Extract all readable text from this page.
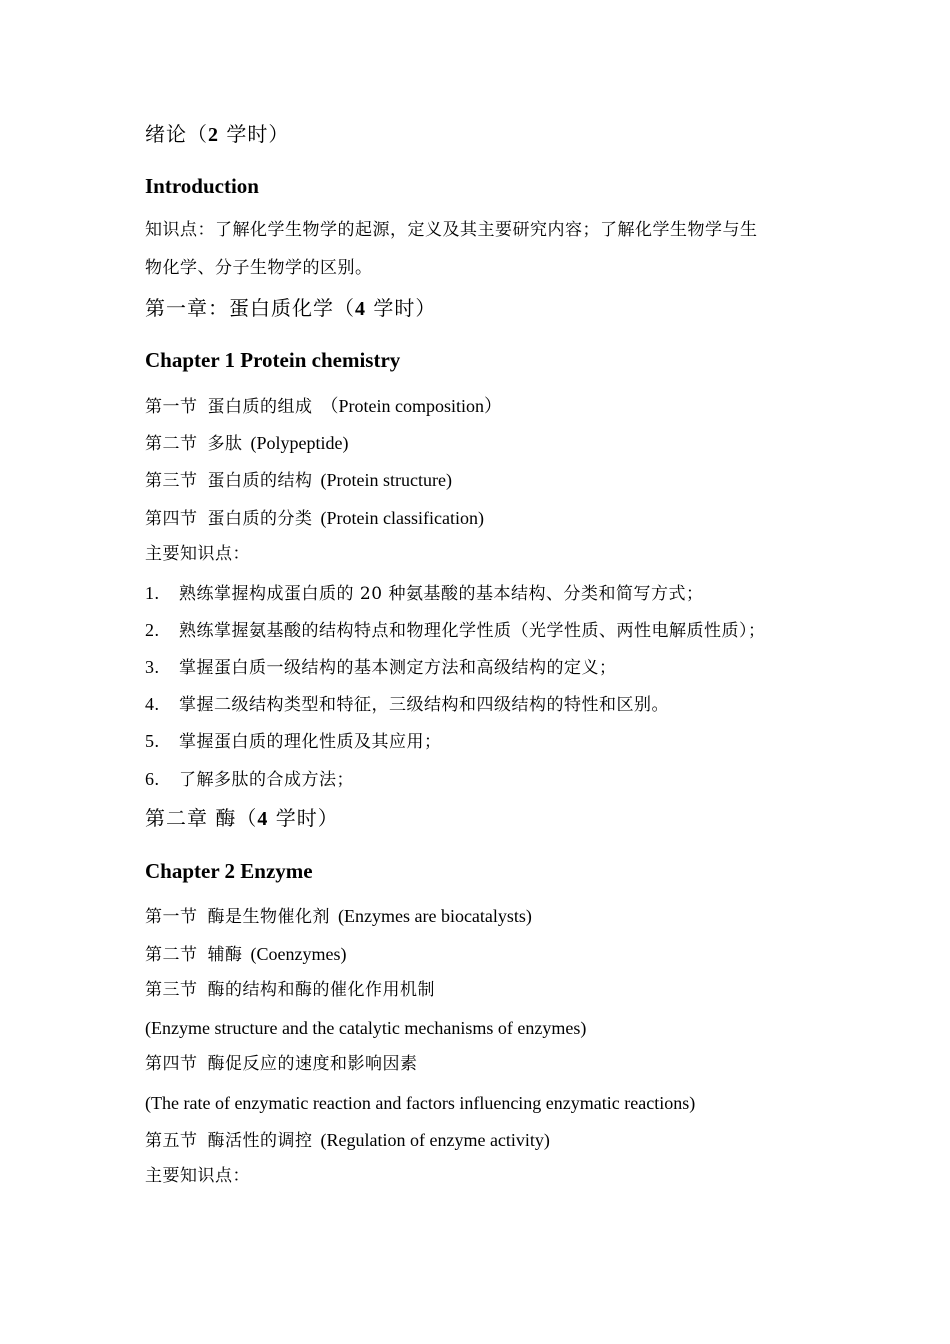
绪论（2 学时）
Introduction
知识点：了解化学生物学的起源，定义及其主要研究内容；了解化学生物学与生
物化学、分子生物学的区别。
第一章：蛋白质化学（4 学时）
Chapter 1 Protein chemistry
第一节 蛋白质的组成 （Protein composition）
第二节 多肽 (Polypeptide)
第三节 蛋白质的结构 (Protein structure)
第四节 蛋白质的分类 (Protein classification)
主要知识点：
1. 熟练掌握构成蛋白质的 20 种氨基酸的基本结构、分类和简写方式；
2. 熟练掌握氨基酸的结构特点和物理化学性质（光学性质、两性电解质性质）；
3. 掌握蛋白质一级结构的基本测定方法和高级结构的定义；
4. 掌握二级结构类型和特征，三级结构和四级结构的特性和区别。
5. 掌握蛋白质的理化性质及其应用；
6. 了解多肽的合成方法；
第二章 酶（4 学时）
Chapter 2 Enzyme
第一节 酶是生物催化剂 (Enzymes are biocatalysts)
第二节 辅酶 (Coenzymes)
第三节 酶的结构和酶的催化作用机制
(Enzyme structure and the catalytic mechanisms of enzymes)
第四节 酶促反应的速度和影响因素
(The rate of enzymatic reaction and factors influencing enzymatic reactions)
第五节 酶活性的调控 (Regulation of enzyme activity)
主要知识点：
